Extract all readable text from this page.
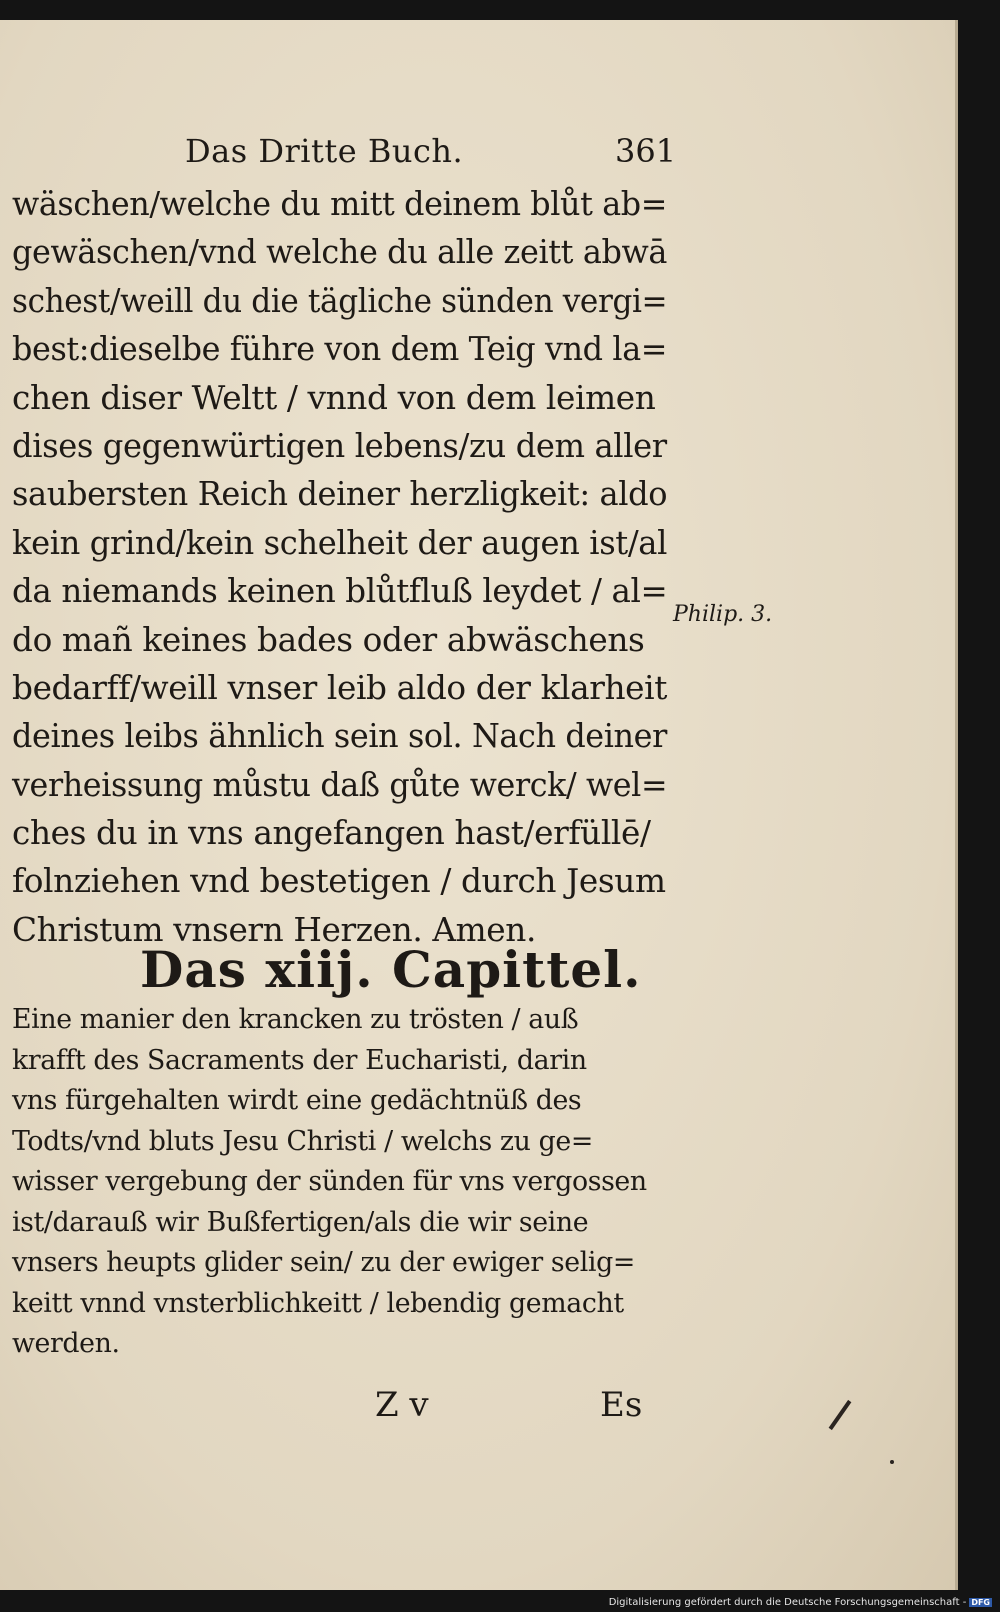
Das Dritte Buch.	361
wäschen/welche du mitt deinem blůt ab=
gewäschen/vnd welche du alle zeitt abwā
schest/weill du die tägliche sünden vergi=
best:dieselbe führe von dem Teig vnd la=
chen diser Weltt / vnnd von dem leimen
dises gegenwürtigen lebens/zu dem aller
saubersten Reich deiner herzligkeit: aldo
kein grind/kein schelheit der augen ist/al
da niemands keinen blůtfluß leydet / al=
do mañ keines bades oder abwäschens
bedarff/weill vnser leib aldo der klarheit
deines leibs ähnlich sein sol. Nach deiner
verheissung můstu daß gůte werck/ wel=
ches du in vns angefangen hast/erfüllē/
folnziehen vnd bestetigen / durch Jesum
Christum vnsern Herzen. Amen.
Philip. 3.
Das xiij. Capittel.
Eine manier den krancken zu trösten / auß
krafft des Sacraments der Eucharisti, darin
vns fürgehalten wirdt eine gedächtnüß des
Todts/vnd bluts Jesu Christi / welchs zu ge=
wisser vergebung der sünden für vns vergossen
ist/darauß wir Bußfertigen/als die wir seine
vnsers heupts glider sein/ zu der ewiger selig=
keitt vnnd vnsterblichkeitt / lebendig gemacht
werden.
Z v	Es
Digitalisierung gefördert durch die Deutsche Forschungsgemeinschaft - DFG
